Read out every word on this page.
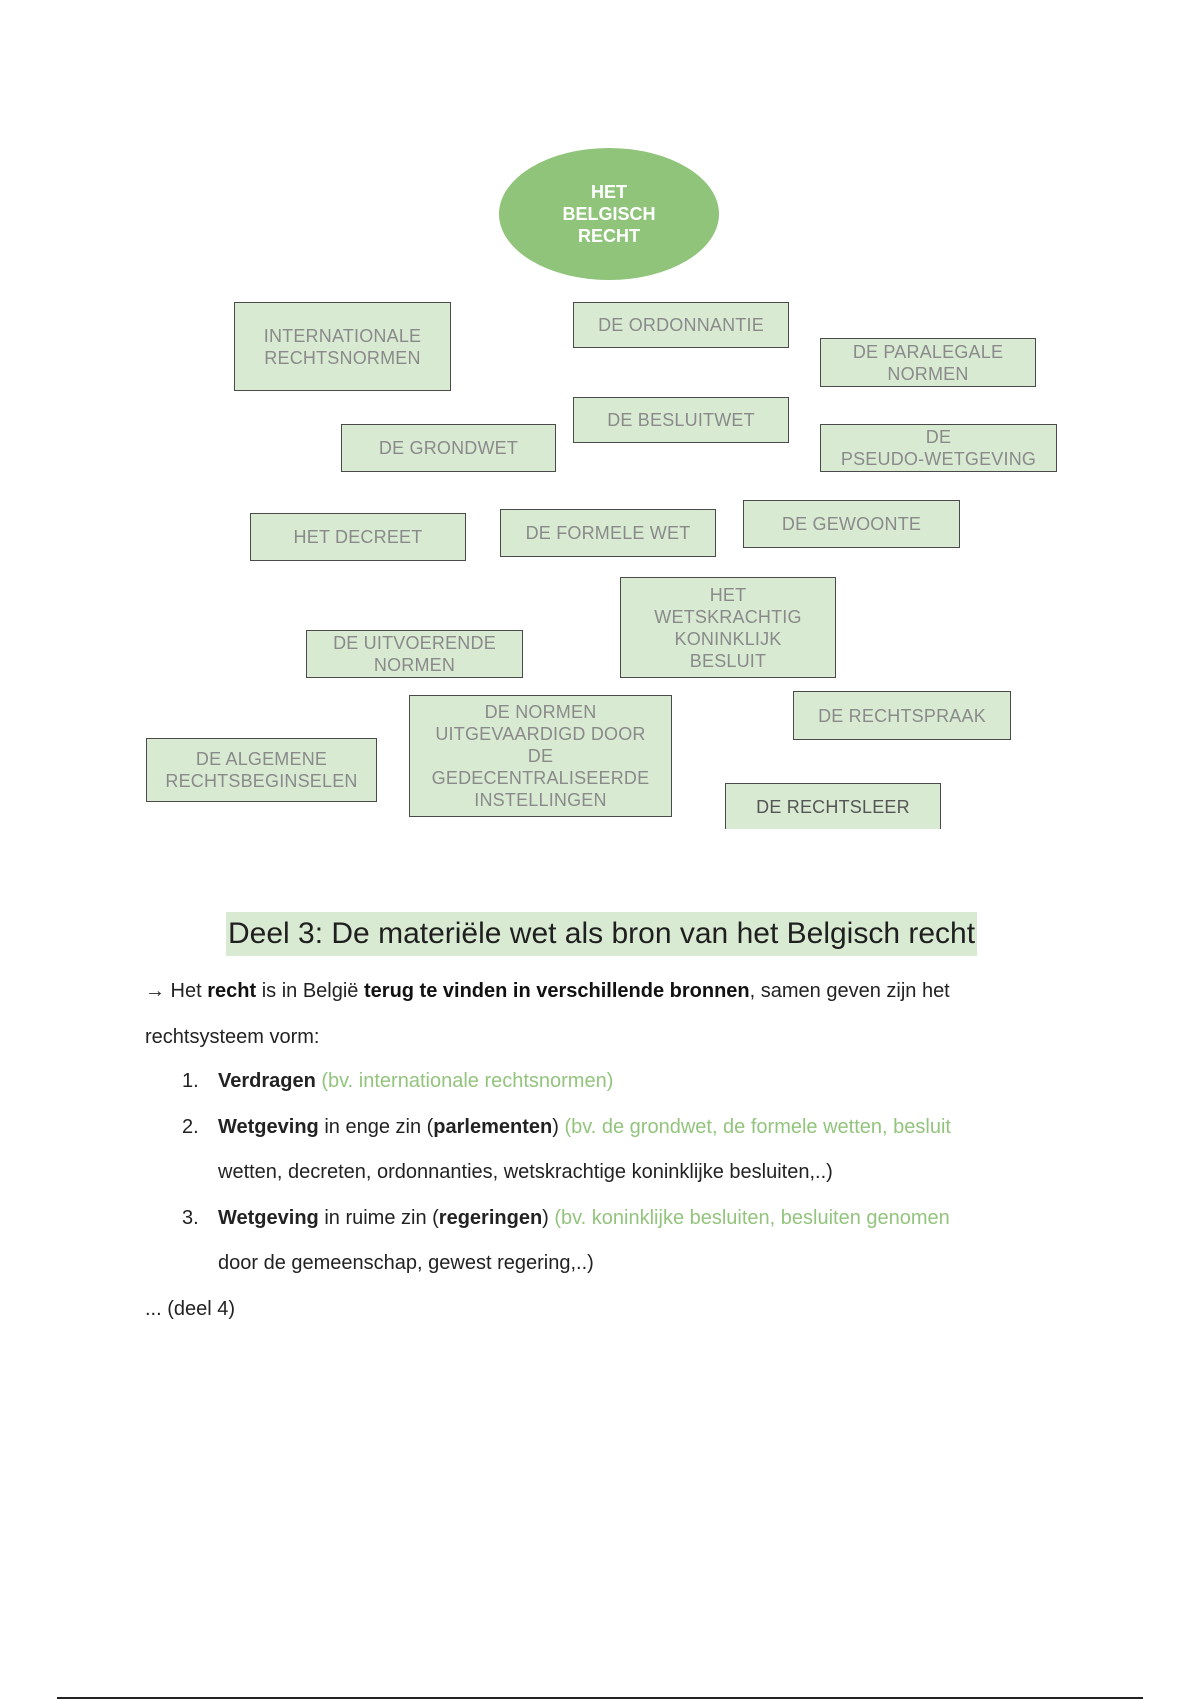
HET
BELGISCH
RECHT
INTERNATIONALE
RECHTSNORMEN
DE ORDONNANTIE
DE PARALEGALE
NORMEN
DE BESLUITWET
DE GRONDWET
DE
PSEUDO-WETGEVING
HET DECREET	DE FORMELE WET	DE GEWOONTE
HET
WETSKRACHTIG
KONINKLIJK
BESLUIT
DE UITVOERENDE
NORMEN
DE NORMEN
UITGEVAARDIGD DOOR
DE
GEDECENTRALISEERDE
INSTELLINGEN
DE RECHTSPRAAK
DE ALGEMENE
RECHTSBEGINSELEN
DE RECHTSLEER
Deel 3: De materiële wet als bron van het Belgisch recht
→ Het recht is in België terug te vinden in verschillende bronnen, samen geven zijn het
rechtsysteem vorm:
1. Verdragen (bv. internationale rechtsnormen)
2. Wetgeving in enge zin (parlementen) (bv. de grondwet, de formele wetten, besluit
wetten, decreten, ordonnanties, wetskrachtige koninklijke besluiten,..)
3. Wetgeving in ruime zin (regeringen) (bv. koninklijke besluiten, besluiten genomen
door de gemeenschap, gewest regering,..)
... (deel 4)
